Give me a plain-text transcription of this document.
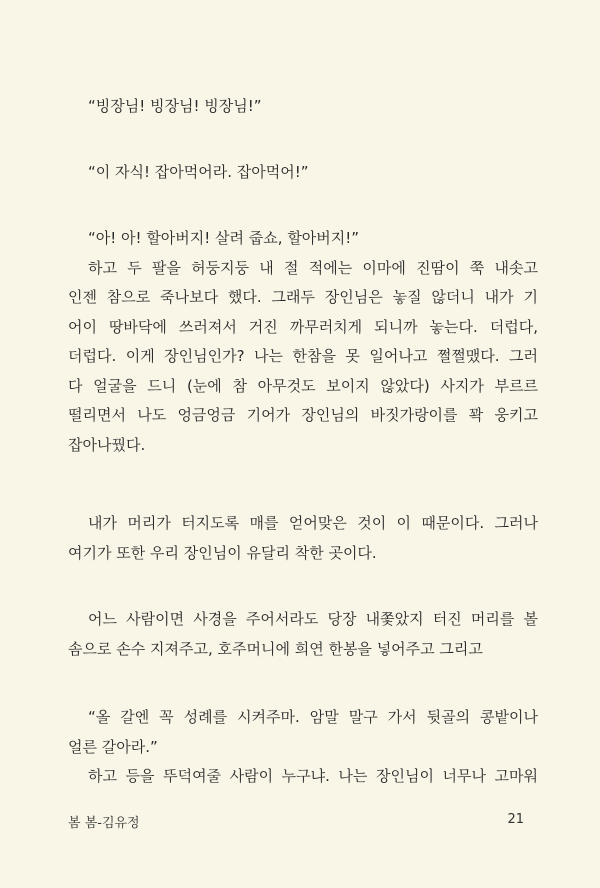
“빙장님! 빙장님! 빙장님!”

“이 자식! 잡아먹어라. 잡아먹어!”

“아! 아! 할아버지! 살려 줍쇼, 할아버지!”
하고 두 팔을 허둥지둥 내 절 적에는 이마에 진땀이 쭉 내솟고
인젠 참으로 죽나보다 했다. 그래두 장인님은 놓질 않더니 내가 기
어이 땅바닥에 쓰러져서 거진 까무러치게 되니까 놓는다. 더럽다,
더럽다. 이게 장인님인가? 나는 한참을 못 일어나고 쩔쩔맸다. 그러
다 얼굴을 드니 (눈에 참 아무것도 보이지 않았다) 사지가 부르르
떨리면서 나도 엉금엉금 기어가 장인님의 바짓가랑이를 꽉 웅키고
잡아나꿨다.

내가 머리가 터지도록 매를 얻어맞은 것이 이 때문이다. 그러나
여기가 또한 우리 장인님이 유달리 착한 곳이다.

어느 사람이면 사경을 주어서라도 당장 내쫓았지 터진 머리를 볼
솜으로 손수 지져주고, 호주머니에 희연 한봉을 넣어주고 그리고

“올 갈엔 꼭 성례를 시켜주마. 암말 말구 가서 뒷골의 콩밭이나
얼른 갈아라.”
하고 등을 뚜덕여줄 사람이 누구냐. 나는 장인님이 너무나 고마워

봄 봄-김유정	21
